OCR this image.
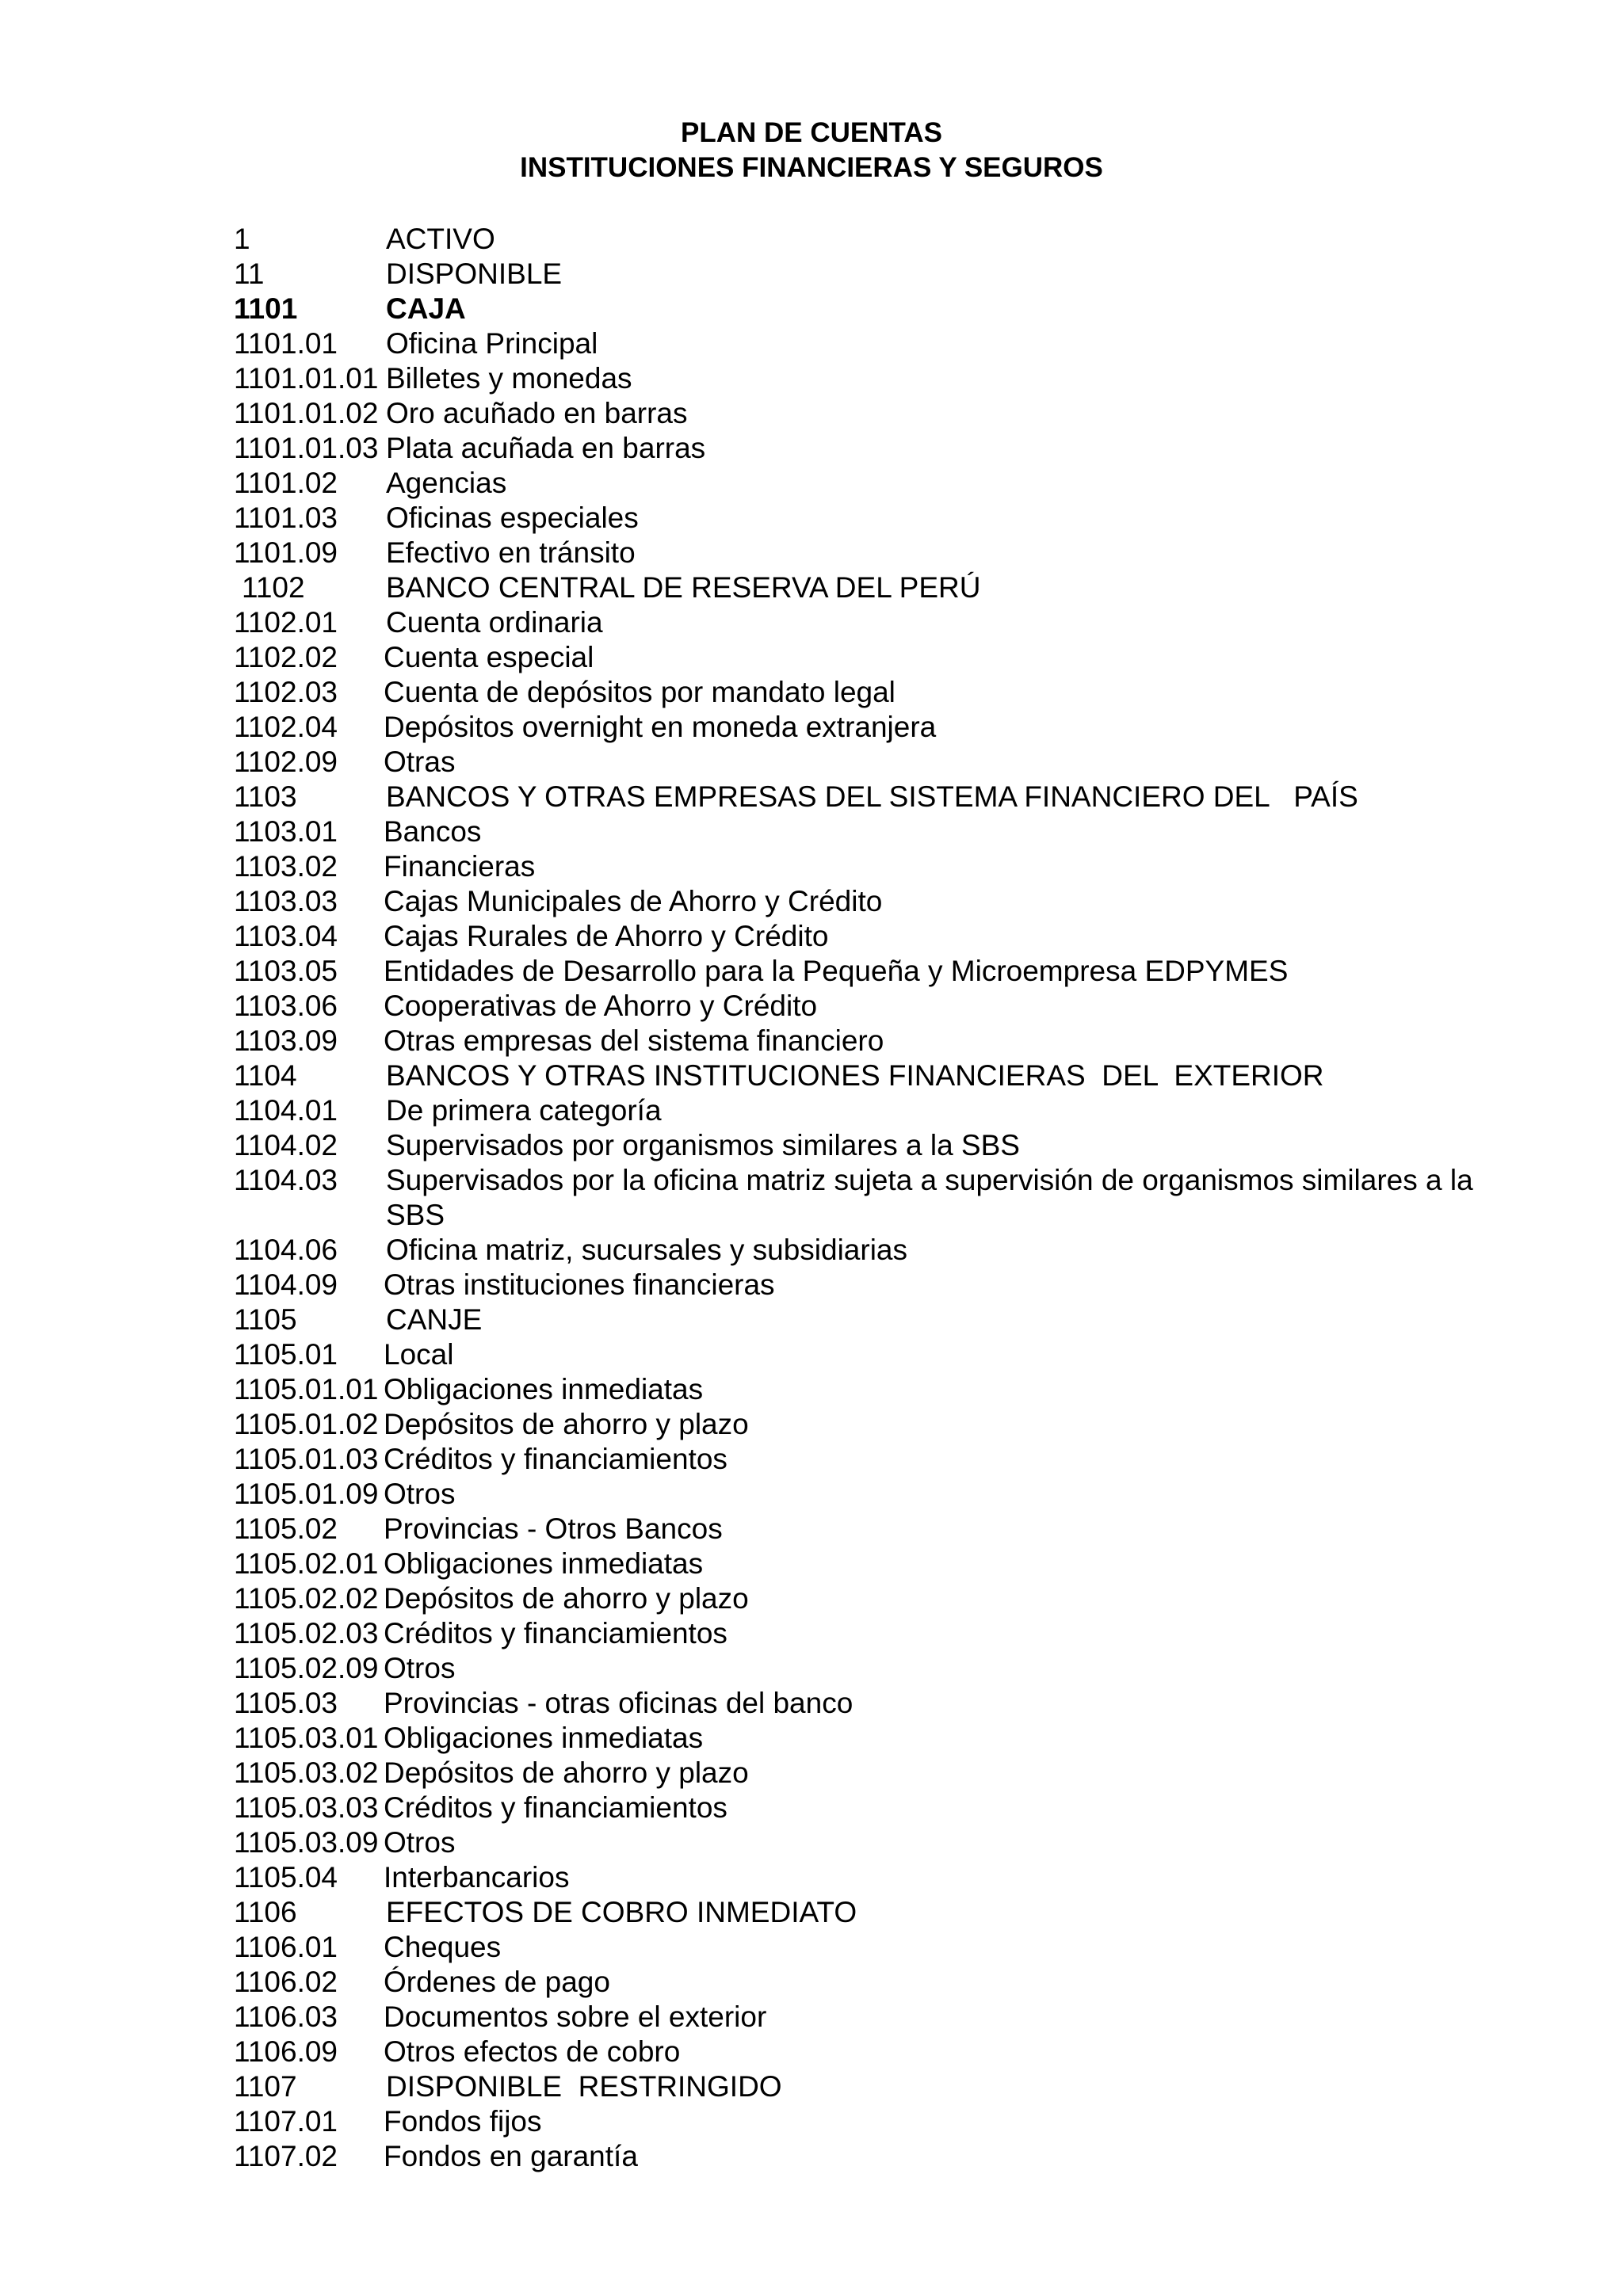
PLAN DE CUENTAS
INSTITUCIONES FINANCIERAS Y SEGUROS
1	ACTIVO
11	DISPONIBLE
1101	CAJA
1101.01 Oficina Principal
1101.01.01 Billetes y monedas
1101.01.02 Oro acuñado en barras
1101.01.03 Plata acuñada en barras
1101.02 Agencias
1101.03 Oficinas especiales
1101.09 Efectivo en tránsito
1102	BANCO CENTRAL DE RESERVA DEL PERÚ
1102.01 Cuenta ordinaria
1102.02 Cuenta especial
1102.03 Cuenta de depósitos por mandato legal
1102.04 Depósitos overnight en moneda extranjera
1102.09 Otras
1103	BANCOS Y OTRAS EMPRESAS DEL SISTEMA FINANCIERO DEL   PAÍS
1103.01 Bancos
1103.02 Financieras
1103.03 Cajas Municipales de Ahorro y Crédito
1103.04 Cajas Rurales de Ahorro y Crédito
1103.05 Entidades de Desarrollo para la Pequeña y Microempresa EDPYMES
1103.06 Cooperativas de Ahorro y Crédito
1103.09 Otras empresas del sistema financiero
1104	BANCOS Y OTRAS INSTITUCIONES FINANCIERAS  DEL  EXTERIOR
1104.01 De primera categoría
1104.02 Supervisados por organismos similares a la SBS
1104.03 Supervisados por la oficina matriz sujeta a supervisión de organismos similares a la SBS
1104.06 Oficina matriz, sucursales y subsidiarias
1104.09 Otras instituciones financieras
1105	CANJE
1105.01 Local
1105.01.01 Obligaciones inmediatas
1105.01.02 Depósitos de ahorro y plazo
1105.01.03 Créditos y financiamientos
1105.01.09 Otros
1105.02 Provincias - Otros Bancos
1105.02.01 Obligaciones inmediatas
1105.02.02 Depósitos de ahorro y plazo
1105.02.03 Créditos y financiamientos
1105.02.09 Otros
1105.03 Provincias - otras oficinas del banco
1105.03.01 Obligaciones inmediatas
1105.03.02 Depósitos de ahorro y plazo
1105.03.03 Créditos y financiamientos
1105.03.09 Otros
1105.04 Interbancarios
1106	EFECTOS DE COBRO INMEDIATO
1106.01 Cheques
1106.02 Órdenes de pago
1106.03 Documentos sobre el exterior
1106.09 Otros efectos de cobro
1107	DISPONIBLE  RESTRINGIDO
1107.01 Fondos fijos
1107.02 Fondos en garantía
